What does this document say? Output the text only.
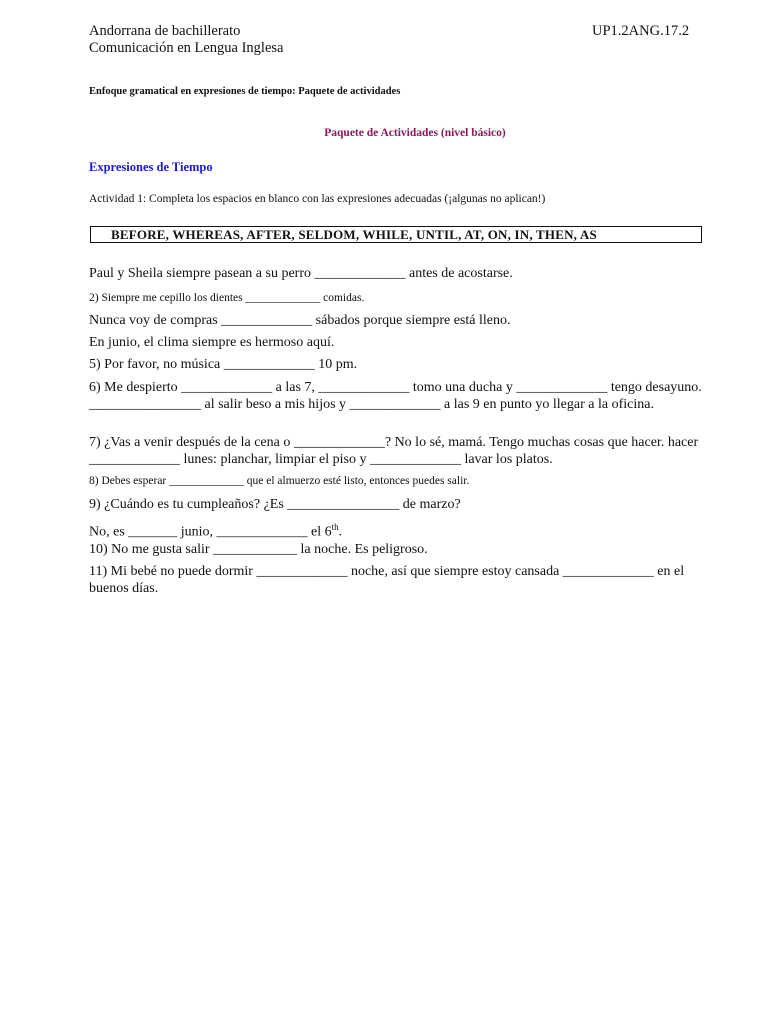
Andorrana de bachillerato
Comunicación en Lengua Inglesa
UP1.2ANG.17.2
Enfoque gramatical en expresiones de tiempo: Paquete de actividades
Paquete de Actividades (nivel básico)
Expresiones de Tiempo
Actividad 1: Completa los espacios en blanco con las expresiones adecuadas (¡algunas no aplican!)
BEFORE, WHEREAS, AFTER, SELDOM, WHILE, UNTIL, AT, ON, IN, THEN, AS
Paul y Sheila siempre pasean a su perro _____________ antes de acostarse.
2) Siempre me cepillo los dientes _____________ comidas.
Nunca voy de compras _____________ sábados porque siempre está lleno.
En junio, el clima siempre es hermoso aquí.
5) Por favor, no música _____________ 10 pm.
6) Me despierto _____________ a las 7, _____________ tomo una ducha y _____________ tengo desayuno. ________________ al salir beso a mis hijos y _____________ a las 9 en punto yo llegar a la oficina.
7) ¿Vas a venir después de la cena o _____________? No lo sé, mamá. Tengo muchas cosas que hacer. hacer _____________ lunes: planchar, limpiar el piso y _____________ lavar los platos.
8) Debes esperar _____________ que el almuerzo esté listo, entonces puedes salir.
9) ¿Cuándo es tu cumpleaños? ¿Es ________________ de marzo?
No, es _______ junio, _____________ el 6th.
10) No me gusta salir ____________ la noche. Es peligroso.
11) Mi bebé no puede dormir _____________ noche, así que siempre estoy cansada _____________ en el buenos días.
